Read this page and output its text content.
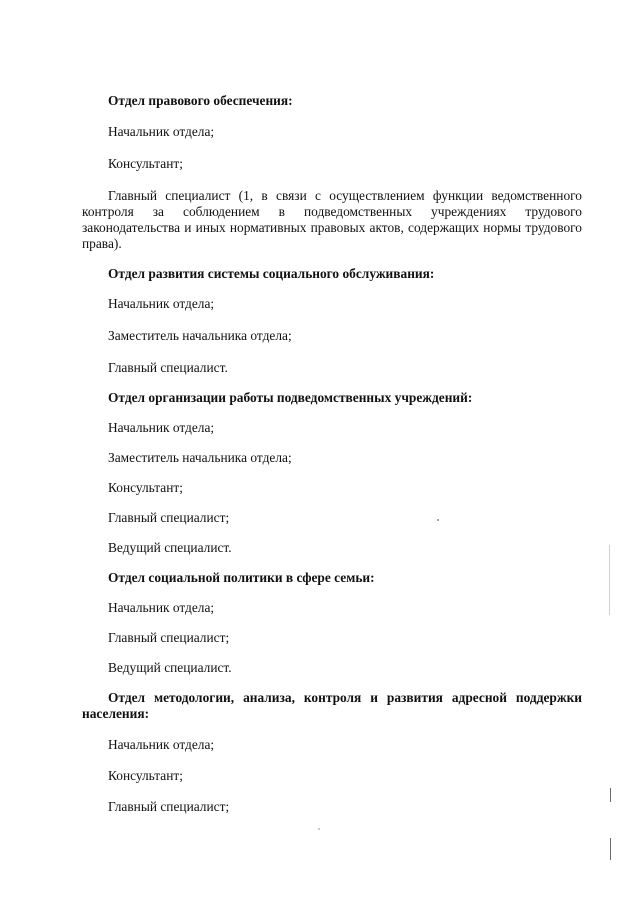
Отдел правового обеспечения:

Начальник отдела;

Консультант;

Главный специалист (1, в связи с осуществлением функции ведомственного контроля за соблюдением в подведомственных учреждениях трудового законодательства и иных нормативных правовых актов, содержащих нормы трудового права).

Отдел развития системы социального обслуживания:

Начальник отдела;

Заместитель начальника отдела;

Главный специалист.

Отдел организации работы подведомственных учреждений:

Начальник отдела;

Заместитель начальника отдела;

Консультант;

Главный специалист;

Ведущий специалист.

Отдел социальной политики в сфере семьи:

Начальник отдела;

Главный специалист;

Ведущий специалист.

Отдел методологии, анализа, контроля и развития адресной поддержки населения:

Начальник отдела;

Консультант;

Главный специалист;
